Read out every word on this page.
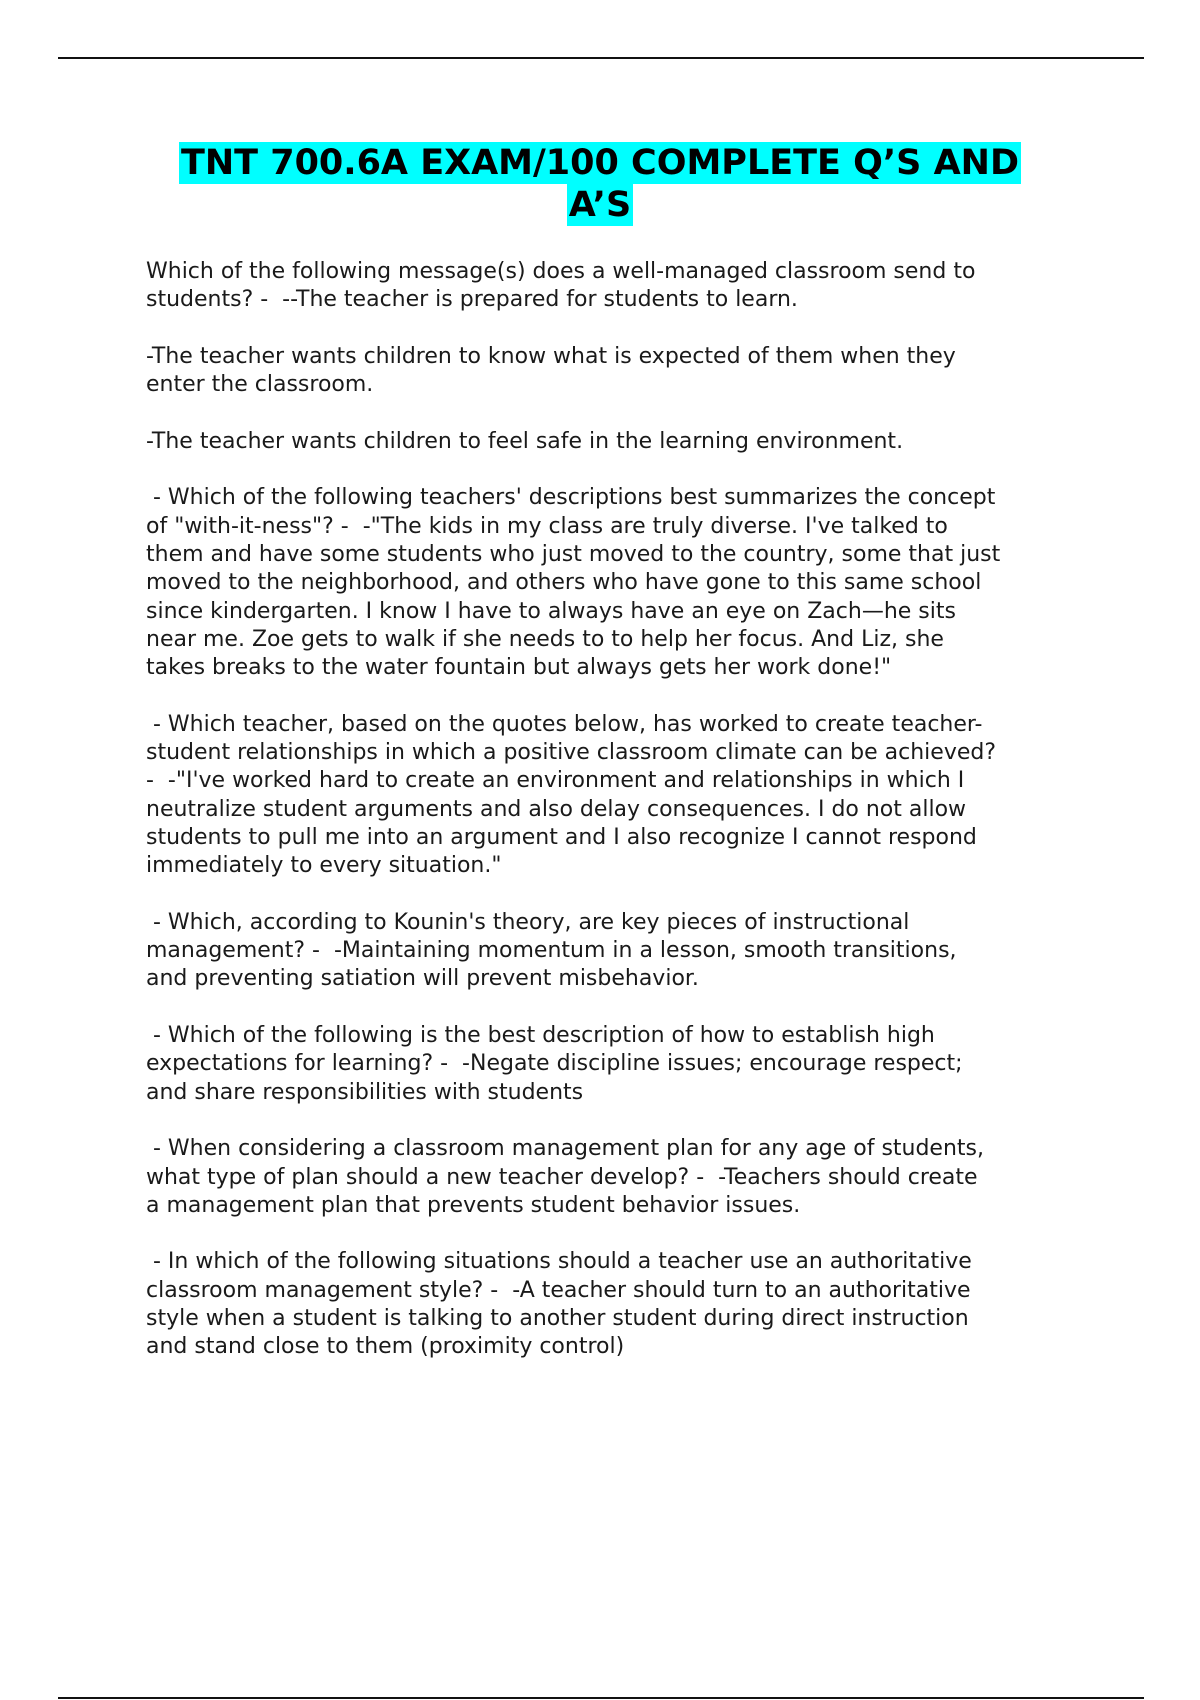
TNT 700.6A EXAM/100 COMPLETE Q’S AND
A’S

Which of the following message(s) does a well-managed classroom send to
students? -  --The teacher is prepared for students to learn.

-The teacher wants children to know what is expected of them when they
enter the classroom.

-The teacher wants children to feel safe in the learning environment.

- Which of the following teachers' descriptions best summarizes the concept
of "with-it-ness"? -  -"The kids in my class are truly diverse. I've talked to
them and have some students who just moved to the country, some that just
moved to the neighborhood, and others who have gone to this same school
since kindergarten. I know I have to always have an eye on Zach—he sits
near me. Zoe gets to walk if she needs to to help her focus. And Liz, she
takes breaks to the water fountain but always gets her work done!"

- Which teacher, based on the quotes below, has worked to create teacher-
student relationships in which a positive classroom climate can be achieved?
-  -"I've worked hard to create an environment and relationships in which I
neutralize student arguments and also delay consequences. I do not allow
students to pull me into an argument and I also recognize I cannot respond
immediately to every situation."

- Which, according to Kounin's theory, are key pieces of instructional
management? -  -Maintaining momentum in a lesson, smooth transitions,
and preventing satiation will prevent misbehavior.

- Which of the following is the best description of how to establish high
expectations for learning? -  -Negate discipline issues; encourage respect;
and share responsibilities with students

- When considering a classroom management plan for any age of students,
what type of plan should a new teacher develop? -  -Teachers should create
a management plan that prevents student behavior issues.

- In which of the following situations should a teacher use an authoritative
classroom management style? -  -A teacher should turn to an authoritative
style when a student is talking to another student during direct instruction
and stand close to them (proximity control)
